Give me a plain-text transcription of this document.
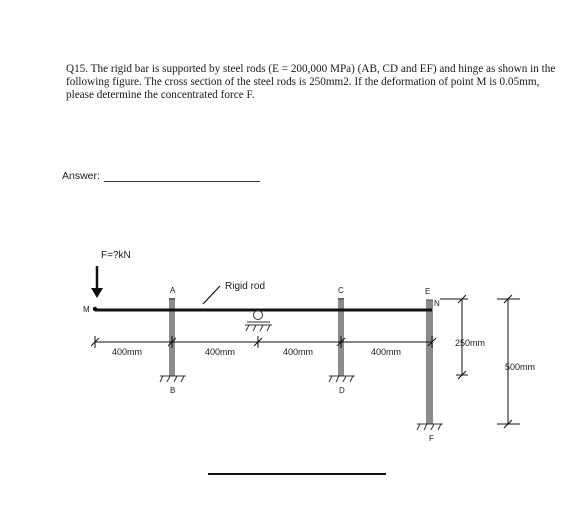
Q15. The rigid bar is supported by steel rods (E = 200,000 MPa) (AB, CD and EF) and hinge as shown in the following figure. The cross section of the steel rods is 250mm2. If the deformation of point M is 0.05mm, please determine the concentrated force F.
Answer:
F=?kN
M
A	C	E
N
B	D
F
Rigid rod
400mm	400mm	400mm	400mm
250mm
500mm
